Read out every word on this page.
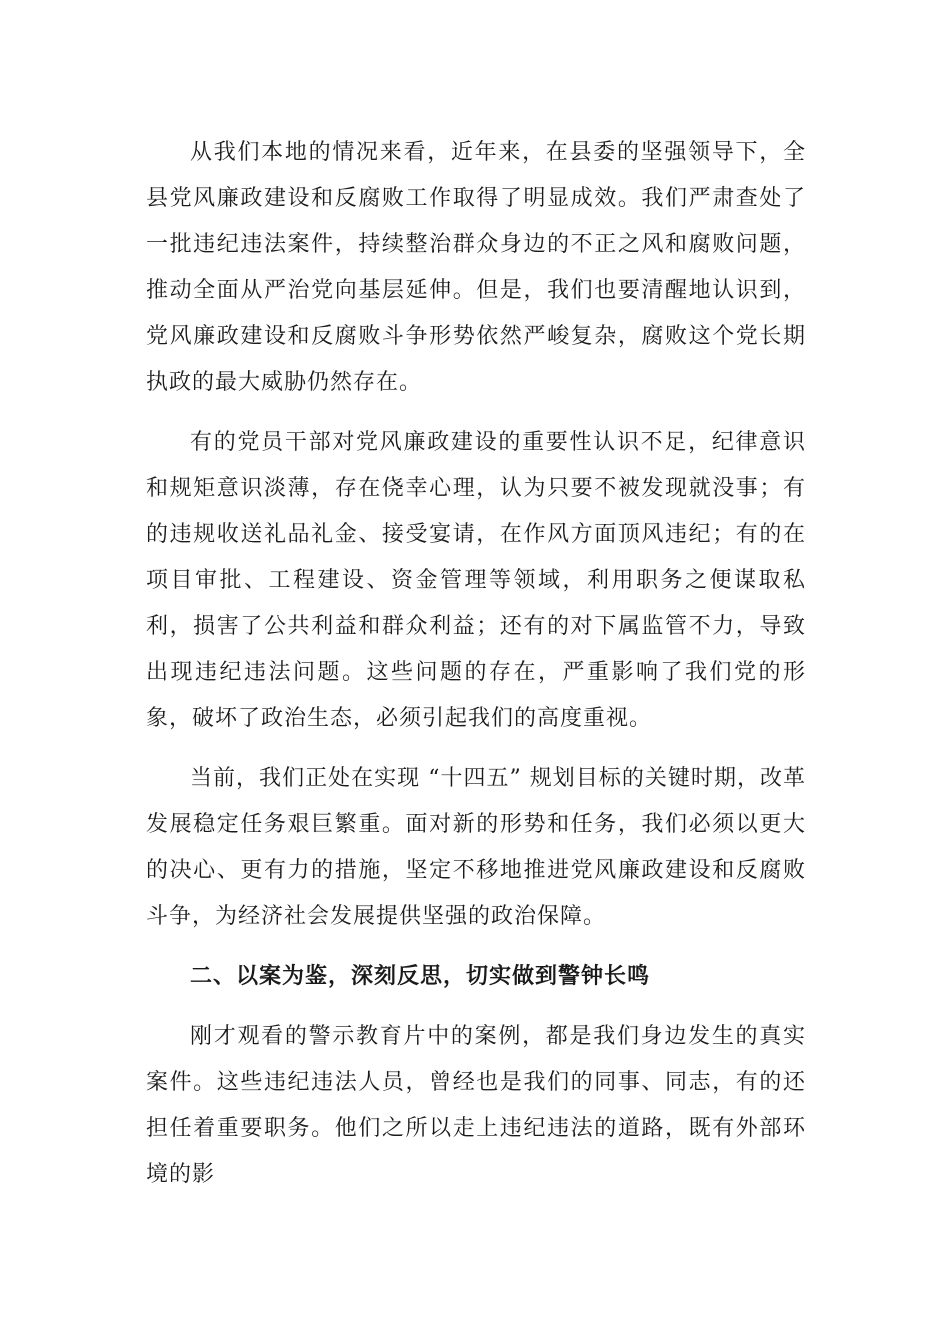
从我们本地的情况来看，近年来，在县委的坚强领导下，全县党风廉政建设和反腐败工作取得了明显成效。我们严肃查处了一批违纪违法案件，持续整治群众身边的不正之风和腐败问题，推动全面从严治党向基层延伸。但是，我们也要清醒地认识到，党风廉政建设和反腐败斗争形势依然严峻复杂，腐败这个党长期执政的最大威胁仍然存在。

有的党员干部对党风廉政建设的重要性认识不足，纪律意识和规矩意识淡薄，存在侥幸心理，认为只要不被发现就没事；有的违规收送礼品礼金、接受宴请，在作风方面顶风违纪；有的在项目审批、工程建设、资金管理等领域，利用职务之便谋取私利，损害了公共利益和群众利益；还有的对下属监管不力，导致出现违纪违法问题。这些问题的存在，严重影响了我们党的形象，破坏了政治生态，必须引起我们的高度重视。

当前，我们正处在实现 “十四五” 规划目标的关键时期，改革发展稳定任务艰巨繁重。面对新的形势和任务，我们必须以更大的决心、更有力的措施，坚定不移地推进党风廉政建设和反腐败斗争，为经济社会发展提供坚强的政治保障。

二、以案为鉴，深刻反思，切实做到警钟长鸣

刚才观看的警示教育片中的案例，都是我们身边发生的真实案件。这些违纪违法人员，曾经也是我们的同事、同志，有的还担任着重要职务。他们之所以走上违纪违法的道路，既有外部环境的影
